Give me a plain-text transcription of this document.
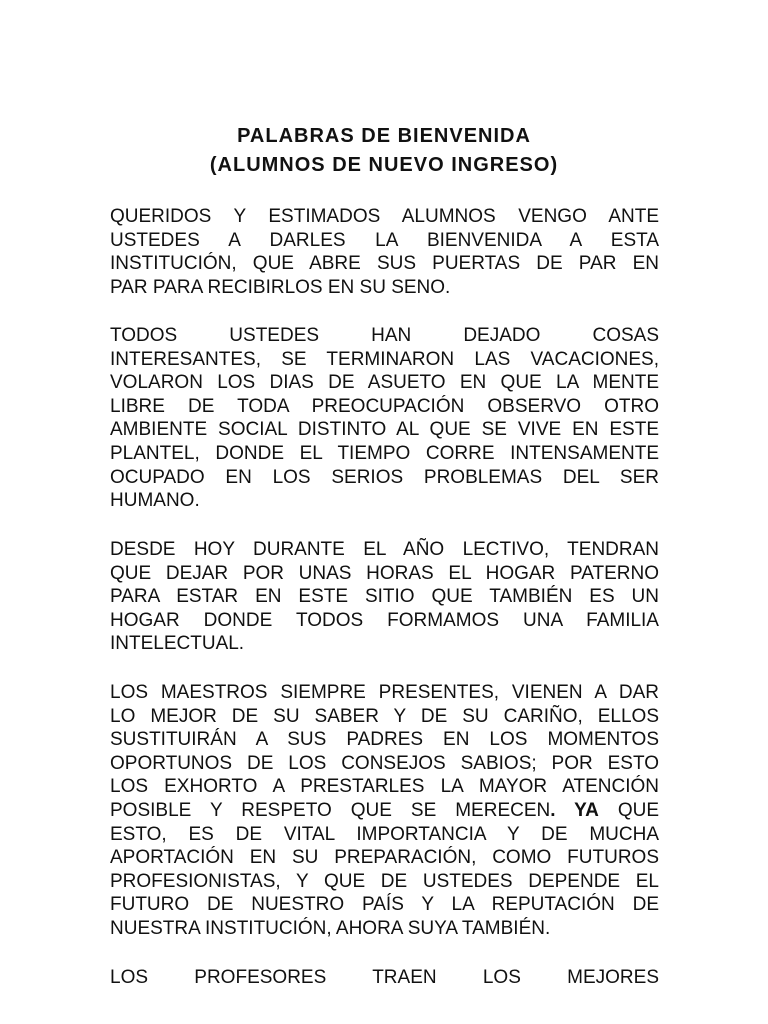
PALABRAS DE BIENVENIDA
(ALUMNOS DE NUEVO INGRESO)
QUERIDOS Y ESTIMADOS ALUMNOS VENGO ANTE
USTEDES A DARLES LA BIENVENIDA A ESTA
INSTITUCIÓN, QUE ABRE SUS PUERTAS DE PAR EN
PAR PARA RECIBIRLOS EN SU SENO.
TODOS USTEDES HAN DEJADO COSAS
INTERESANTES, SE TERMINARON LAS VACACIONES,
VOLARON LOS DIAS DE ASUETO EN QUE LA MENTE
LIBRE DE TODA PREOCUPACIÓN OBSERVO OTRO
AMBIENTE SOCIAL DISTINTO AL QUE SE VIVE EN ESTE
PLANTEL, DONDE EL TIEMPO CORRE INTENSAMENTE
OCUPADO EN LOS SERIOS PROBLEMAS DEL SER
HUMANO.
DESDE HOY DURANTE EL AÑO LECTIVO, TENDRAN
QUE DEJAR POR UNAS HORAS EL HOGAR PATERNO
PARA ESTAR EN ESTE SITIO QUE TAMBIÉN ES UN
HOGAR DONDE TODOS FORMAMOS UNA FAMILIA
INTELECTUAL.
LOS MAESTROS SIEMPRE PRESENTES, VIENEN A DAR
LO MEJOR DE SU SABER Y DE SU CARIÑO, ELLOS
SUSTITUIRÁN A SUS PADRES EN LOS MOMENTOS
OPORTUNOS DE LOS CONSEJOS SABIOS; POR ESTO
LOS EXHORTO A PRESTARLES LA MAYOR ATENCIÓN
POSIBLE Y RESPETO QUE SE MERECEN. YA QUE
ESTO, ES DE VITAL IMPORTANCIA Y DE MUCHA
APORTACIÓN EN SU PREPARACIÓN, COMO FUTUROS
PROFESIONISTAS, Y QUE DE USTEDES DEPENDE EL
FUTURO DE NUESTRO PAÍS Y LA REPUTACIÓN DE
NUESTRA INSTITUCIÓN, AHORA SUYA TAMBIÉN.
LOS PROFESORES TRAEN LOS MEJORES
